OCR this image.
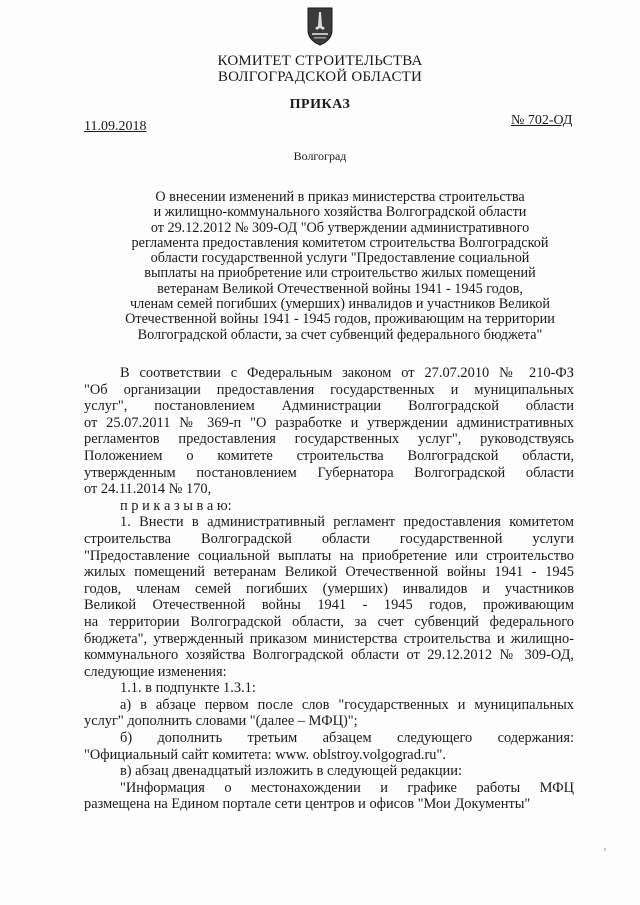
КОМИТЕТ СТРОИТЕЛЬСТВА
ВОЛГОГРАДСКОЙ ОБЛАСТИ
ПРИКАЗ
11.09.2018	№ 702-ОД
Волгоград
О внесении изменений в приказ министерства строительства
и жилищно-коммунального хозяйства Волгоградской области
от 29.12.2012 № 309-ОД "Об утверждении административного
регламента предоставления комитетом строительства Волгоградской
области государственной услуги "Предоставление социальной
выплаты на приобретение или строительство жилых помещений
ветеранам Великой Отечественной войны 1941 - 1945 годов,
членам семей погибших (умерших) инвалидов и участников Великой
Отечественной войны 1941 - 1945 годов, проживающим на территории
Волгоградской области, за счет субвенций федерального бюджета"
В соответствии с Федеральным законом от 27.07.2010 № 210-ФЗ
"Об организации предоставления государственных и муниципальных
услуг", постановлением Администрации Волгоградской области
от 25.07.2011 № 369-п "О разработке и утверждении административных
регламентов предоставления государственных услуг", руководствуясь
Положением о комитете строительства Волгоградской области,
утвержденным постановлением Губернатора Волгоградской области
от 24.11.2014 № 170,
п р и к а з ы в а ю:
1. Внести в административный регламент предоставления комитетом
строительства Волгоградской области государственной услуги
"Предоставление социальной выплаты на приобретение или строительство
жилых помещений ветеранам Великой Отечественной войны 1941 - 1945
годов, членам семей погибших (умерших) инвалидов и участников
Великой Отечественной войны 1941 - 1945 годов, проживающим
на территории Волгоградской области, за счет субвенций федерального
бюджета", утвержденный приказом министерства строительства и жилищно-
коммунального хозяйства Волгоградской области от 29.12.2012 № 309-ОД,
следующие изменения:
1.1. в подпункте 1.3.1:
а) в абзаце первом после слов "государственных и муниципальных
услуг" дополнить словами "(далее – МФЦ)";
б) дополнить третьим абзацем следующего содержания:
"Официальный сайт комитета: www. oblstroy.volgograd.ru".
в) абзац двенадцатый изложить в следующей редакции:
"Информация о местонахождении и графике работы МФЦ
размещена на Едином портале сети центров и офисов "Мои Документы"
